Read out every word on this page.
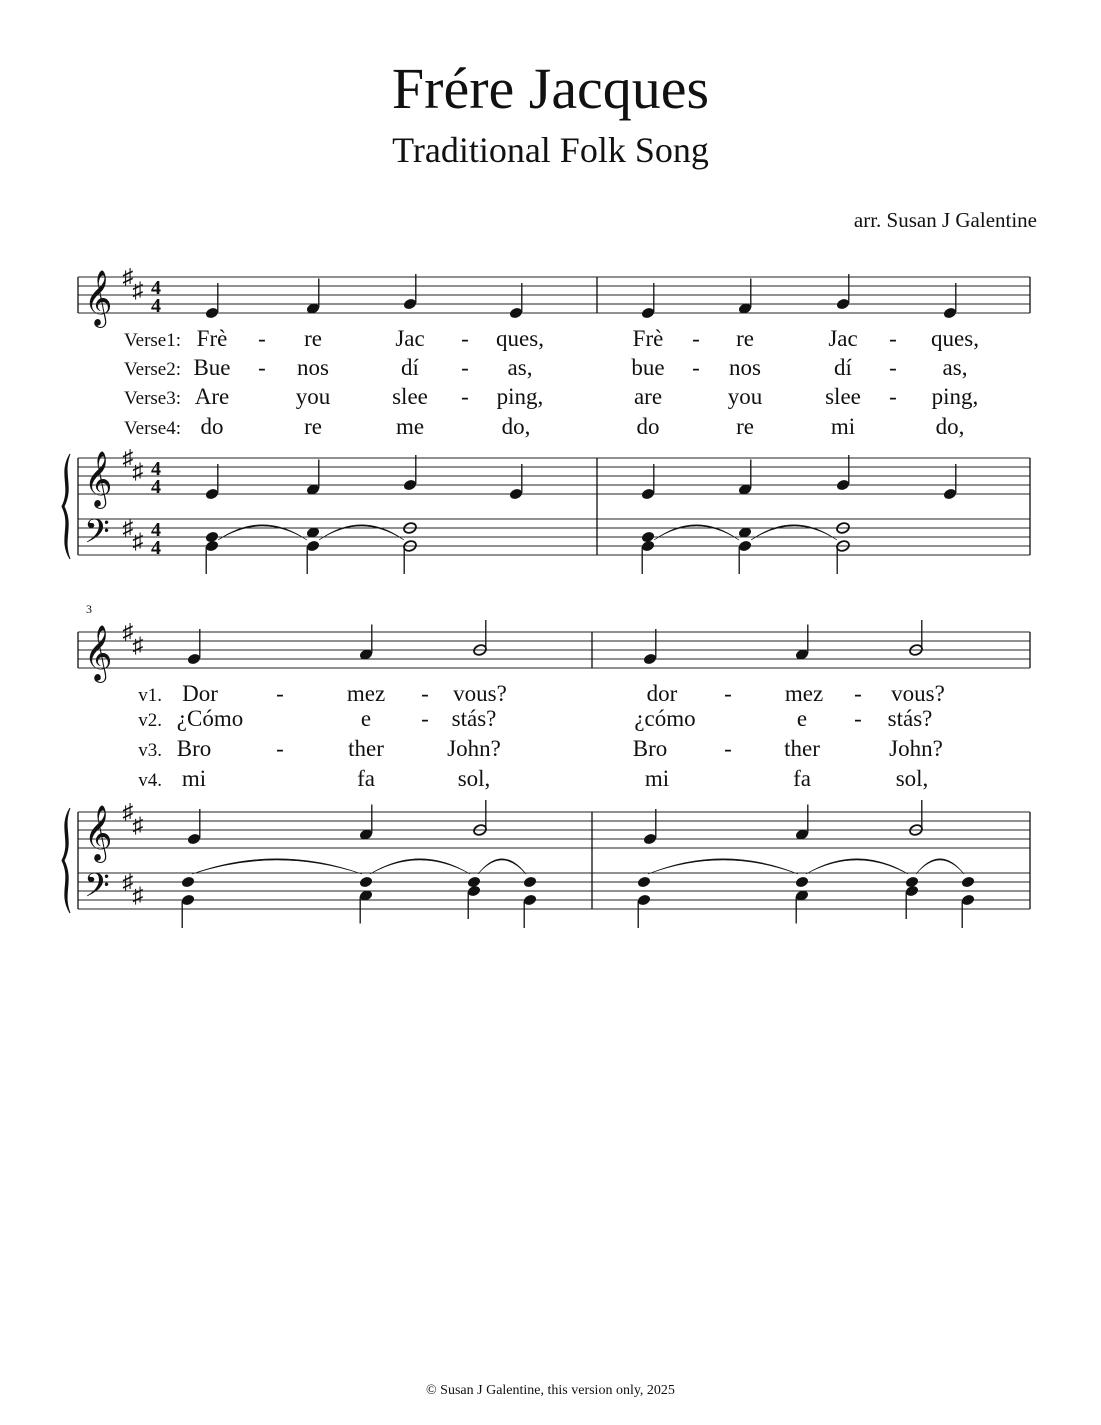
Frére Jacques
Traditional Folk Song
arr. Susan J Galentine
𝄞 ♯
♯ 4
4
𝄞 ♯
♯ 4
4
𝄢 ♯
♯ 4
4
Verse1:
Verse2:
Verse3:
Verse4:
Frè - re	Jac - ques,	Frè - re	Jac - ques,
Bue - nos	dí - as,	bue - nos	dí - as,
Are	you	slee - ping,	are	you	slee - ping,
do	re	me	do,	do	re	mi	do,
3
𝄞 ♯
♯
𝄞 ♯
♯
𝄢 ♯
♯
v1.
v2.
v3.
v4.
Dor	-	mez - vous?	dor - mez - vous?
¿Cómo	e - stás?	¿cómo	e - stás?
Bro	-	ther	John?	Bro - ther	John?
mi	fa	sol,	mi	fa	sol,
© Susan J Galentine, this version only, 2025
